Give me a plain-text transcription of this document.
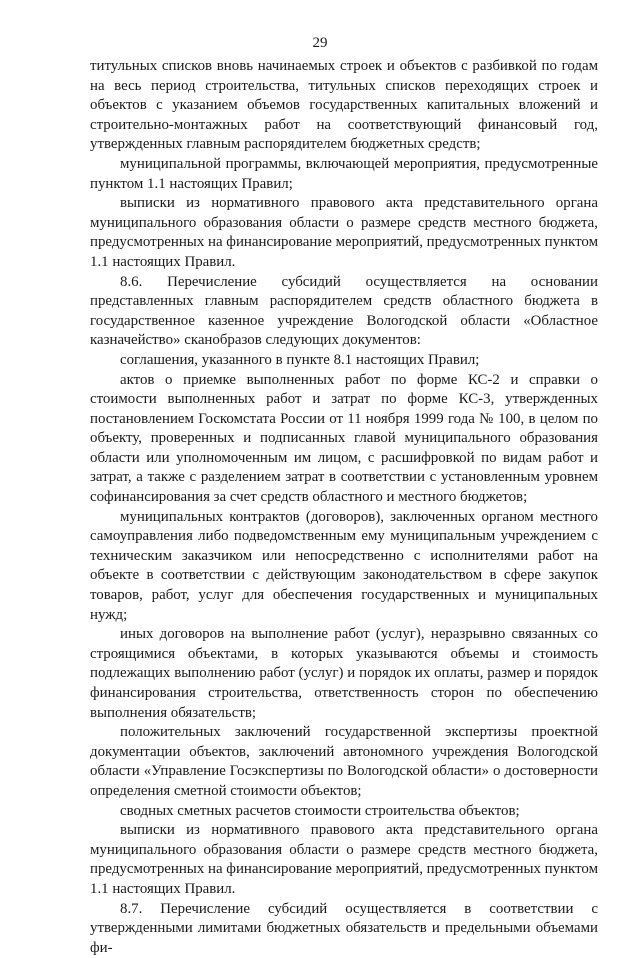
29

титульных списков вновь начинаемых строек и объектов с разбивкой по годам на весь период строительства, титульных списков переходящих строек и объектов с указанием объемов государственных капитальных вложений и строительно-монтажных работ на соответствующий финансовый год, утвержденных главным распорядителем бюджетных средств;

муниципальной программы, включающей мероприятия, предусмотренные пунктом 1.1 настоящих Правил;

выписки из нормативного правового акта представительного органа муниципального образования области о размере средств местного бюджета, предусмотренных на финансирование мероприятий, предусмотренных пунктом 1.1 настоящих Правил.

8.6. Перечисление субсидий осуществляется на основании представленных главным распорядителем средств областного бюджета в государственное казенное учреждение Вологодской области «Областное казначейство» сканобразов следующих документов:

соглашения, указанного в пункте 8.1 настоящих Правил;

актов о приемке выполненных работ по форме КС-2 и справки о стоимости выполненных работ и затрат по форме КС-3, утвержденных постановлением Госкомстата России от 11 ноября 1999 года № 100, в целом по объекту, проверенных и подписанных главой муниципального образования области или уполномоченным им лицом, с расшифровкой по видам работ и затрат, а также с разделением затрат в соответствии с установленным уровнем софинансирования за счет средств областного и местного бюджетов;

муниципальных контрактов (договоров), заключенных органом местного самоуправления либо подведомственным ему муниципальным учреждением с техническим заказчиком или непосредственно с исполнителями работ на объекте в соответствии с действующим законодательством в сфере закупок товаров, работ, услуг для обеспечения государственных и муниципальных нужд;

иных договоров на выполнение работ (услуг), неразрывно связанных со строящимися объектами, в которых указываются объемы и стоимость подлежащих выполнению работ (услуг) и порядок их оплаты, размер и порядок финансирования строительства, ответственность сторон по обеспечению выполнения обязательств;

положительных заключений государственной экспертизы проектной документации объектов, заключений автономного учреждения Вологодской области «Управление Госэкспертизы по Вологодской области» о достоверности определения сметной стоимости объектов;

сводных сметных расчетов стоимости строительства объектов;

выписки из нормативного правового акта представительного органа муниципального образования области о размере средств местного бюджета, предусмотренных на финансирование мероприятий, предусмотренных пунктом 1.1 настоящих Правил.

8.7. Перечисление субсидий осуществляется в соответствии с утвержденными лимитами бюджетных обязательств и предельными объемами фи-
